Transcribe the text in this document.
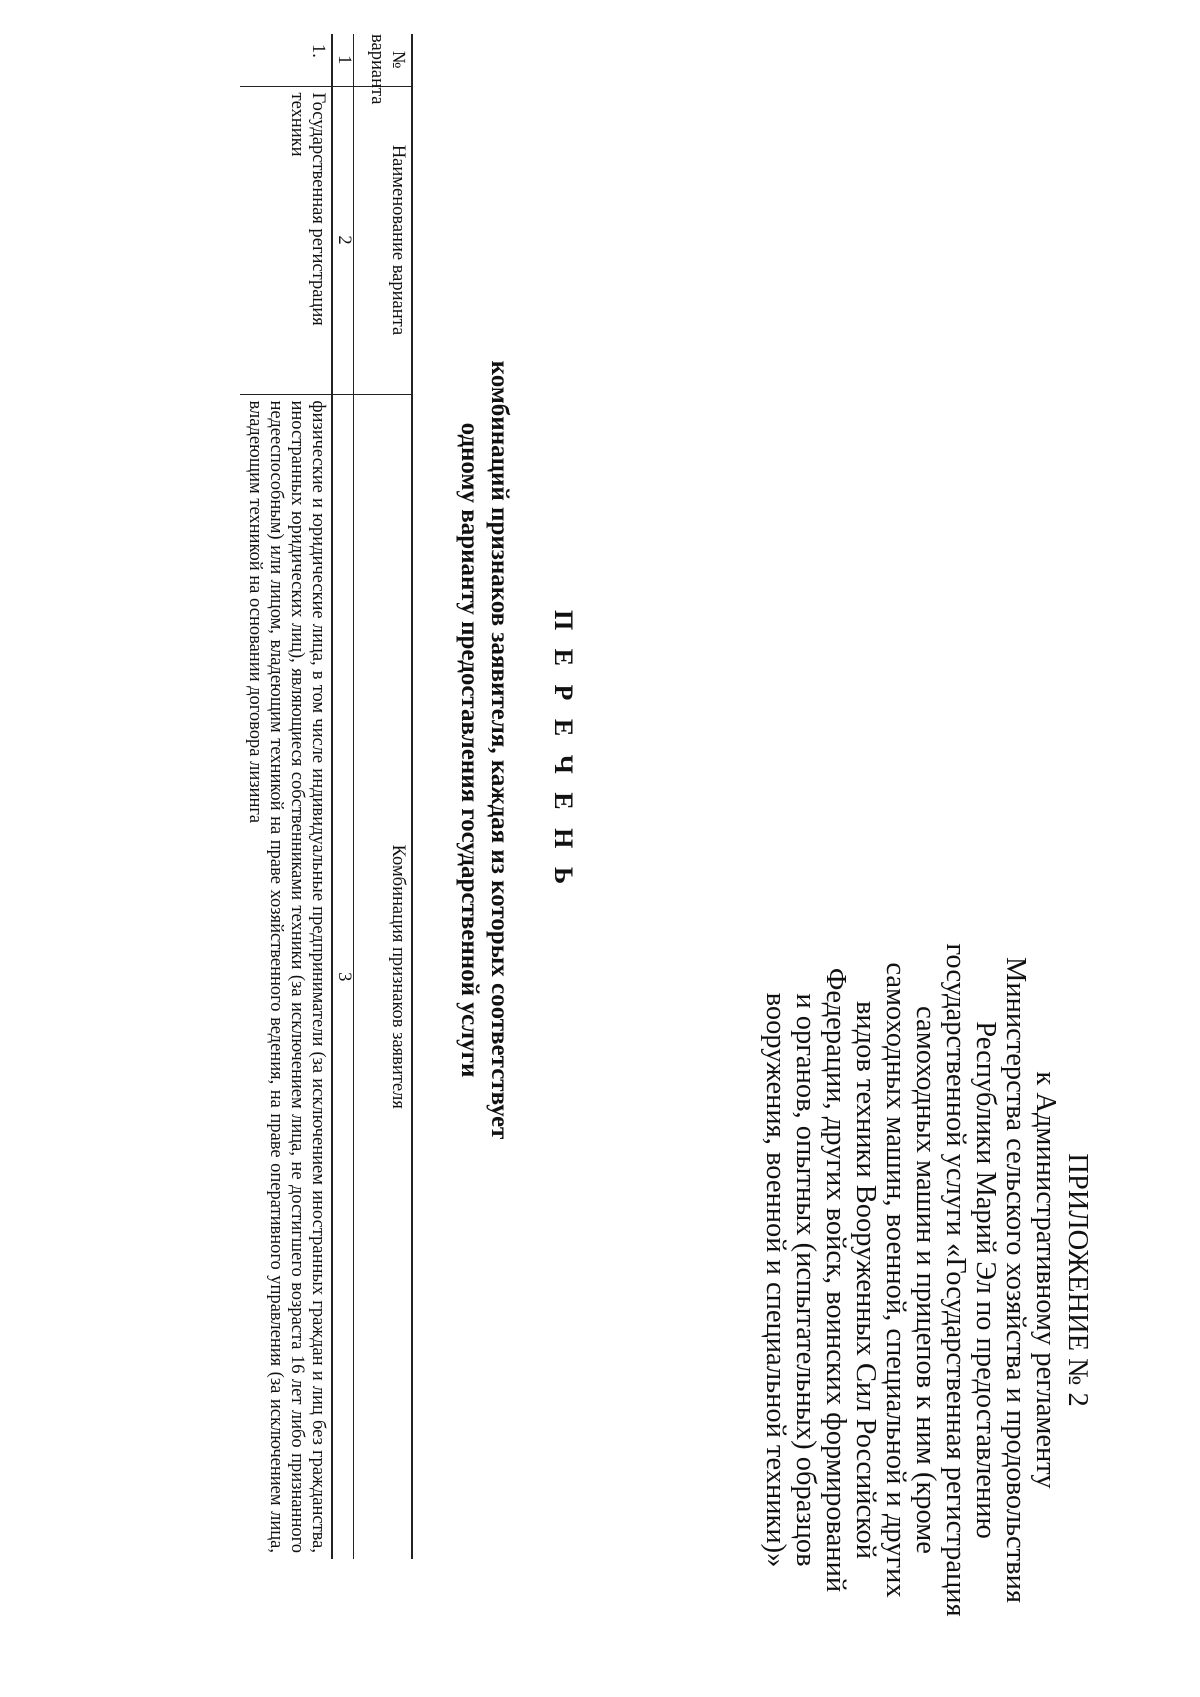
ПРИЛОЖЕНИЕ № 2
к Административному регламенту
Министерства сельского хозяйства и продовольствия
Республики Марий Эл по предоставлению
государственной услуги «Государственная регистрация
самоходных машин и прицепов к ним (кроме
самоходных машин, военной, специальной и других
видов техники Вооруженных Сил Российской
Федерации, других войск, воинских формирований
и органов, опытных (испытательных) образцов
вооружения, военной и специальной техники)»
П Е Р Е Ч Е Н Ь
комбинаций признаков заявителя, каждая из которых соответствует
одному варианту предоставления государственной услуги
№ варианта	Наименование варианта	Комбинация признаков заявителя
1	2	3
1.	Государственная регистрация техники	физические и юридические лица, в том числе индивидуальные предприниматели (за исключением иностранных граждан и лиц без гражданства, иностранных юридических лиц), являющиеся собственниками техники (за исключением лица, не достигшего возраста 16 лет либо признанного недееспособным) или лицом, владеющим техникой на праве хозяйственного ведения, на праве оперативного управления (за исключением лица, владеющим техникой на основании договора лизинга
